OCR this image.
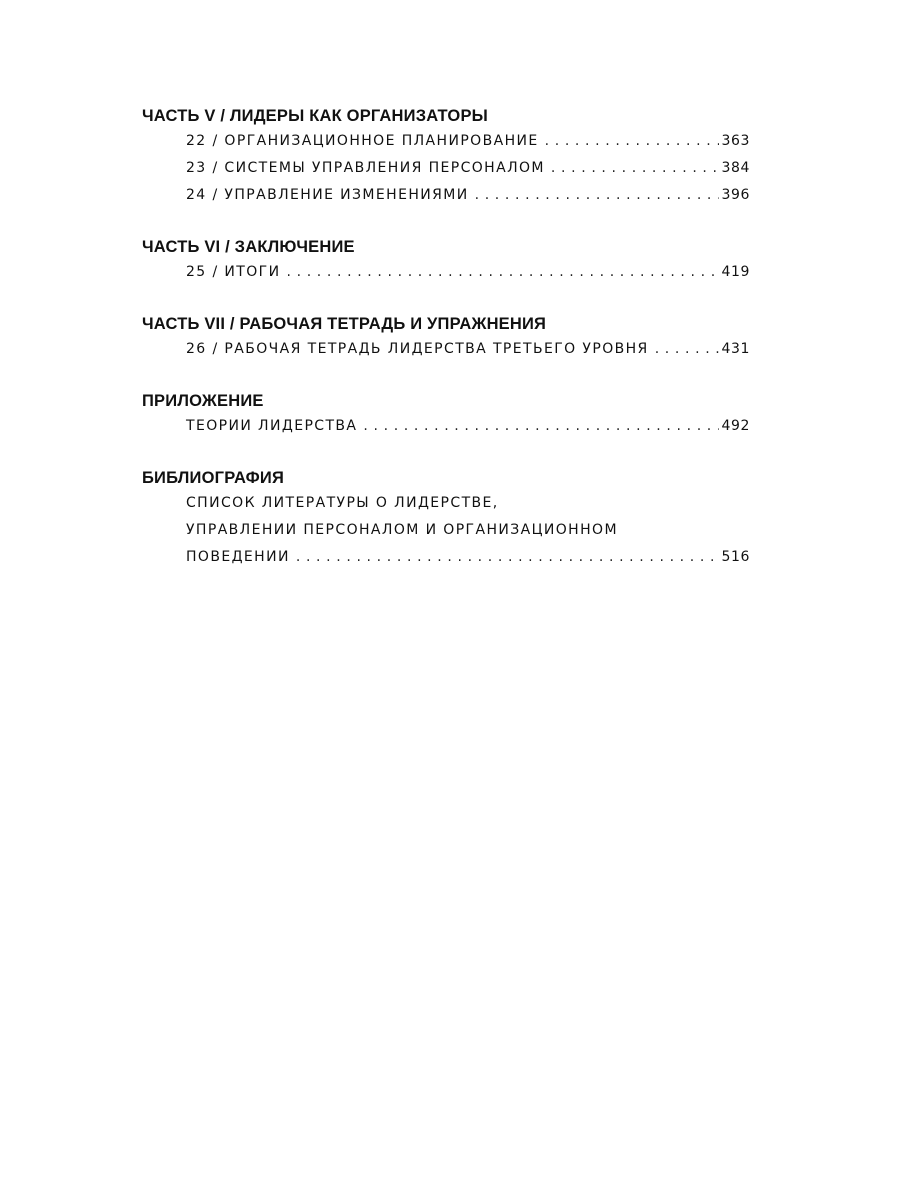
ЧАСТЬ V / ЛИДЕРЫ КАК ОРГАНИЗАТОРЫ
22 / ОРГАНИЗАЦИОННОЕ ПЛАНИРОВАНИЕ . . .	363
23 / СИСТЕМЫ УПРАВЛЕНИЯ ПЕРСОНАЛОМ . . .	384
24 / УПРАВЛЕНИЕ ИЗМЕНЕНИЯМИ . . .	396
ЧАСТЬ VI / ЗАКЛЮЧЕНИЕ
25 / ИТОГИ . . .	419
ЧАСТЬ VII / РАБОЧАЯ ТЕТРАДЬ И УПРАЖНЕНИЯ
26 / РАБОЧАЯ ТЕТРАДЬ ЛИДЕРСТВА ТРЕТЬЕГО УРОВНЯ . . .	431
ПРИЛОЖЕНИЕ
ТЕОРИИ ЛИДЕРСТВА . . .	492
БИБЛИОГРАФИЯ
СПИСОК ЛИТЕРАТУРЫ О ЛИДЕРСТВЕ,
УПРАВЛЕНИИ ПЕРСОНАЛОМ И ОРГАНИЗАЦИОННОМ
ПОВЕДЕНИИ . . .	516
